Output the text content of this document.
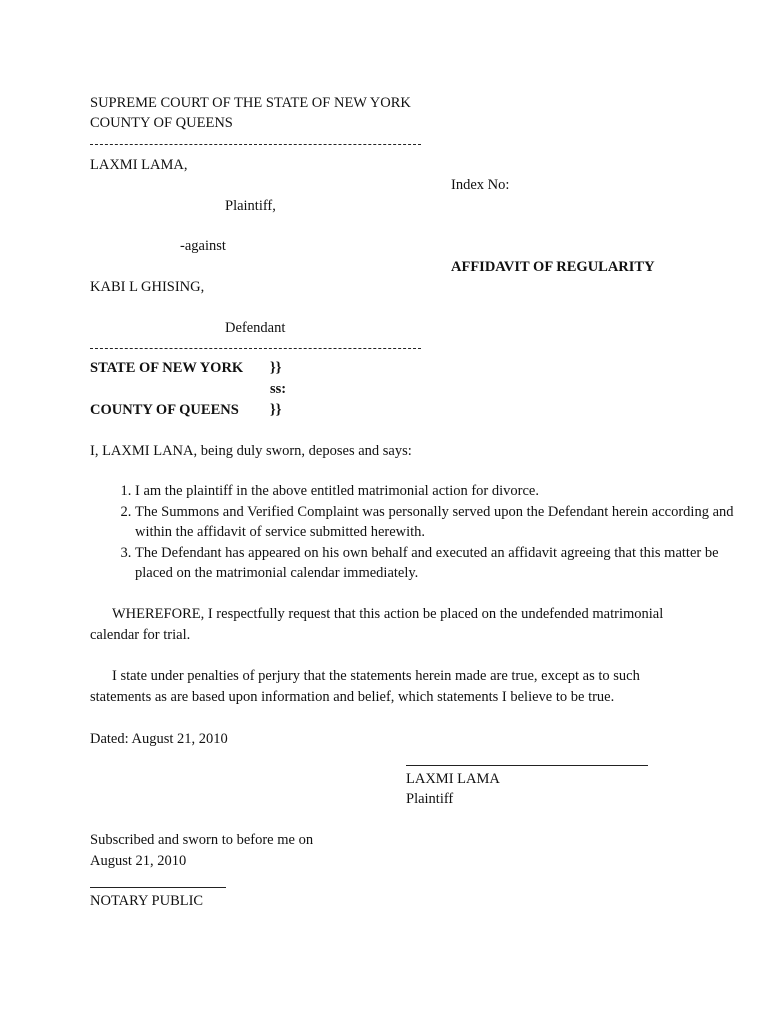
SUPREME COURT OF THE STATE OF NEW YORK
COUNTY OF QUEENS
LAXMI LAMA,
Index No:
Plaintiff,
-against
AFFIDAVIT OF REGULARITY
KABI L GHISING,
Defendant
STATE OF NEW YORK }}
ss:
COUNTY OF QUEENS }}
I, LAXMI LANA, being duly sworn, deposes and says:
1. I am the plaintiff in the above entitled matrimonial action for divorce.
2. The Summons and Verified Complaint was personally served upon the Defendant herein according and within the affidavit of service submitted herewith.
3. The Defendant has appeared on his own behalf and executed an affidavit agreeing that this matter be placed on the matrimonial calendar immediately.
WHEREFORE, I respectfully request that this action be placed on the undefended matrimonial calendar for trial.
I state under penalties of perjury that the statements herein made are true, except as to such statements as are based upon information and belief, which statements I believe to be true.
Dated: August 21, 2010
LAXMI LAMA
Plaintiff
Subscribed and sworn to before me on
August 21, 2010
NOTARY PUBLIC
